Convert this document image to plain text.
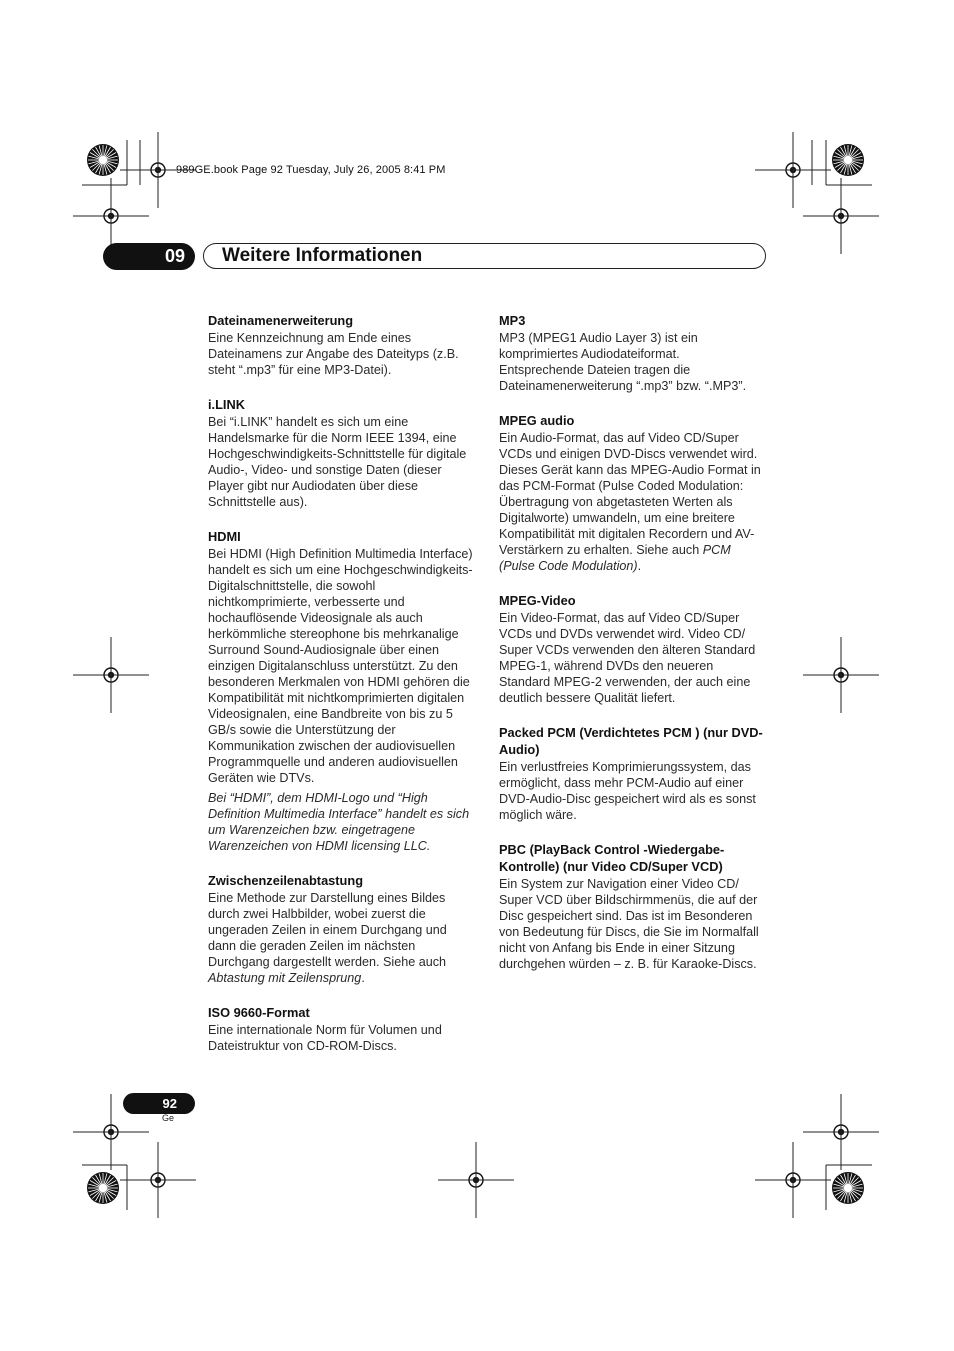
989GE.book Page 92 Tuesday, July 26, 2005 8:41 PM
09	Weitere Informationen
Dateinamenerweiterung

Eine Kennzeichnung am Ende eines Dateinamens zur Angabe des Dateityps (z.B. steht “.mp3” für eine MP3-Datei).

i.LINK

Bei “i.LINK” handelt es sich um eine Handelsmarke für die Norm IEEE 1394, eine Hochgeschwindigkeits-Schnittstelle für digitale Audio-, Video- und sonstige Daten (dieser Player gibt nur Audiodaten über diese Schnittstelle aus).

HDMI

Bei HDMI (High Definition Multimedia Interface) handelt es sich um eine Hochgeschwindigkeits-Digitalschnittstelle, die sowohl nichtkomprimierte, verbesserte und hochauflösende Videosignale als auch herkömmliche stereophone bis mehrkanalige Surround Sound-Audiosignale über einen einzigen Digitalanschluss unterstützt. Zu den besonderen Merkmalen von HDMI gehören die Kompatibilität mit nichtkomprimierten digitalen Videosignalen, eine Bandbreite von bis zu 5 GB/s sowie die Unterstützung der Kommunikation zwischen der audiovisuellen Programmquelle und anderen audiovisuellen Geräten wie DTVs.

Bei “HDMI”, dem HDMI-Logo und “High Definition Multimedia Interface” handelt es sich um Warenzeichen bzw. eingetragene Warenzeichen von HDMI licensing LLC.

Zwischenzeilenabtastung

Eine Methode zur Darstellung eines Bildes durch zwei Halbbilder, wobei zuerst die ungeraden Zeilen in einem Durchgang und dann die geraden Zeilen im nächsten Durchgang dargestellt werden. Siehe auch Abtastung mit Zeilensprung.

ISO 9660-Format

Eine internationale Norm für Volumen und Dateistruktur von CD-ROM-Discs.

MP3

MP3 (MPEG1 Audio Layer 3) ist ein komprimiertes Audiodateiformat. Entsprechende Dateien tragen die Dateinamenerweiterung “.mp3” bzw. “.MP3”.

MPEG audio

Ein Audio-Format, das auf Video CD/Super VCDs und einigen DVD-Discs verwendet wird. Dieses Gerät kann das MPEG-Audio Format in das PCM-Format (Pulse Coded Modulation: Übertragung von abgetasteten Werten als Digitalworte) umwandeln, um eine breitere Kompatibilität mit digitalen Recordern und AV-Verstärkern zu erhalten. Siehe auch PCM (Pulse Code Modulation).

MPEG-Video

Ein Video-Format, das auf Video CD/Super VCDs und DVDs verwendet wird. Video CD/ Super VCDs verwenden den älteren Standard MPEG-1, während DVDs den neueren Standard MPEG-2 verwenden, der auch eine deutlich bessere Qualität liefert.

Packed PCM (Verdichtetes PCM ) (nur DVD-Audio)

Ein verlustfreies Komprimierungssystem, das ermöglicht, dass mehr PCM-Audio auf einer DVD-Audio-Disc gespeichert wird als es sonst möglich wäre.

PBC (PlayBack Control -Wiedergabe-Kontrolle) (nur Video CD/Super VCD)

Ein System zur Navigation einer Video CD/ Super VCD über Bildschirmmenüs, die auf der Disc gespeichert sind. Das ist im Besonderen von Bedeutung für Discs, die Sie im Normalfall nicht von Anfang bis Ende in einer Sitzung durchgehen würden – z. B. für Karaoke-Discs.

92
Ge
